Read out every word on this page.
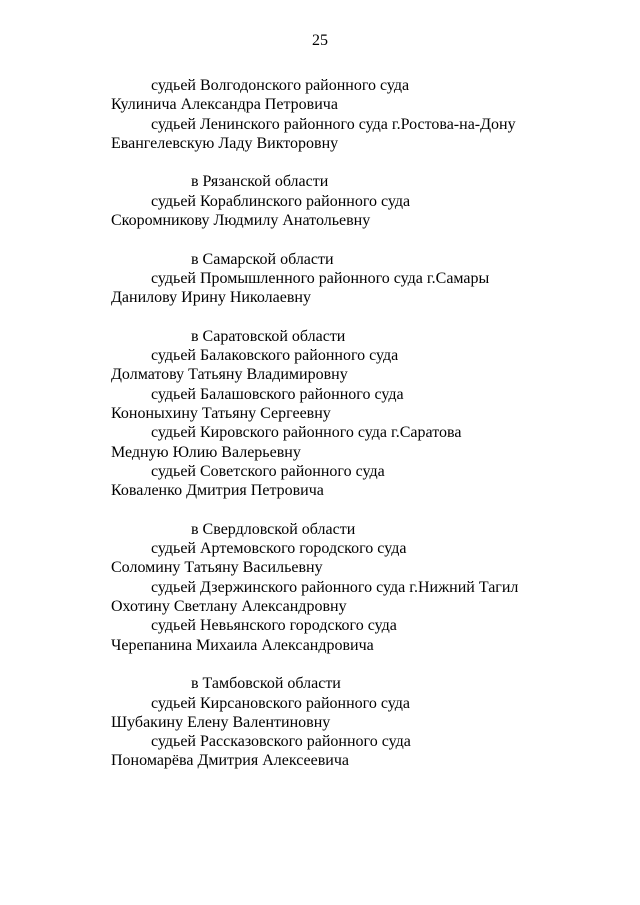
25
судьей Волгодонского районного суда
Кулинича Александра Петровича
судьей Ленинского районного суда г.Ростова-на-Дону
Евангелевскую Ладу Викторовну
в Рязанской области
судьей Кораблинского районного суда
Скоромникову Людмилу Анатольевну
в Самарской области
судьей Промышленного районного суда г.Самары
Данилову Ирину Николаевну
в Саратовской области
судьей Балаковского районного суда
Долматову Татьяну Владимировну
судьей Балашовского районного суда
Кононыхину Татьяну Сергеевну
судьей Кировского районного суда г.Саратова
Медную Юлию Валерьевну
судьей Советского районного суда
Коваленко Дмитрия Петровича
в Свердловской области
судьей Артемовского городского суда
Соломину Татьяну Васильевну
судьей Дзержинского районного суда г.Нижний Тагил
Охотину Светлану Александровну
судьей Невьянского городского суда
Черепанина Михаила Александровича
в Тамбовской области
судьей Кирсановского районного суда
Шубакину Елену Валентиновну
судьей Рассказовского районного суда
Пономарёва Дмитрия Алексеевича
